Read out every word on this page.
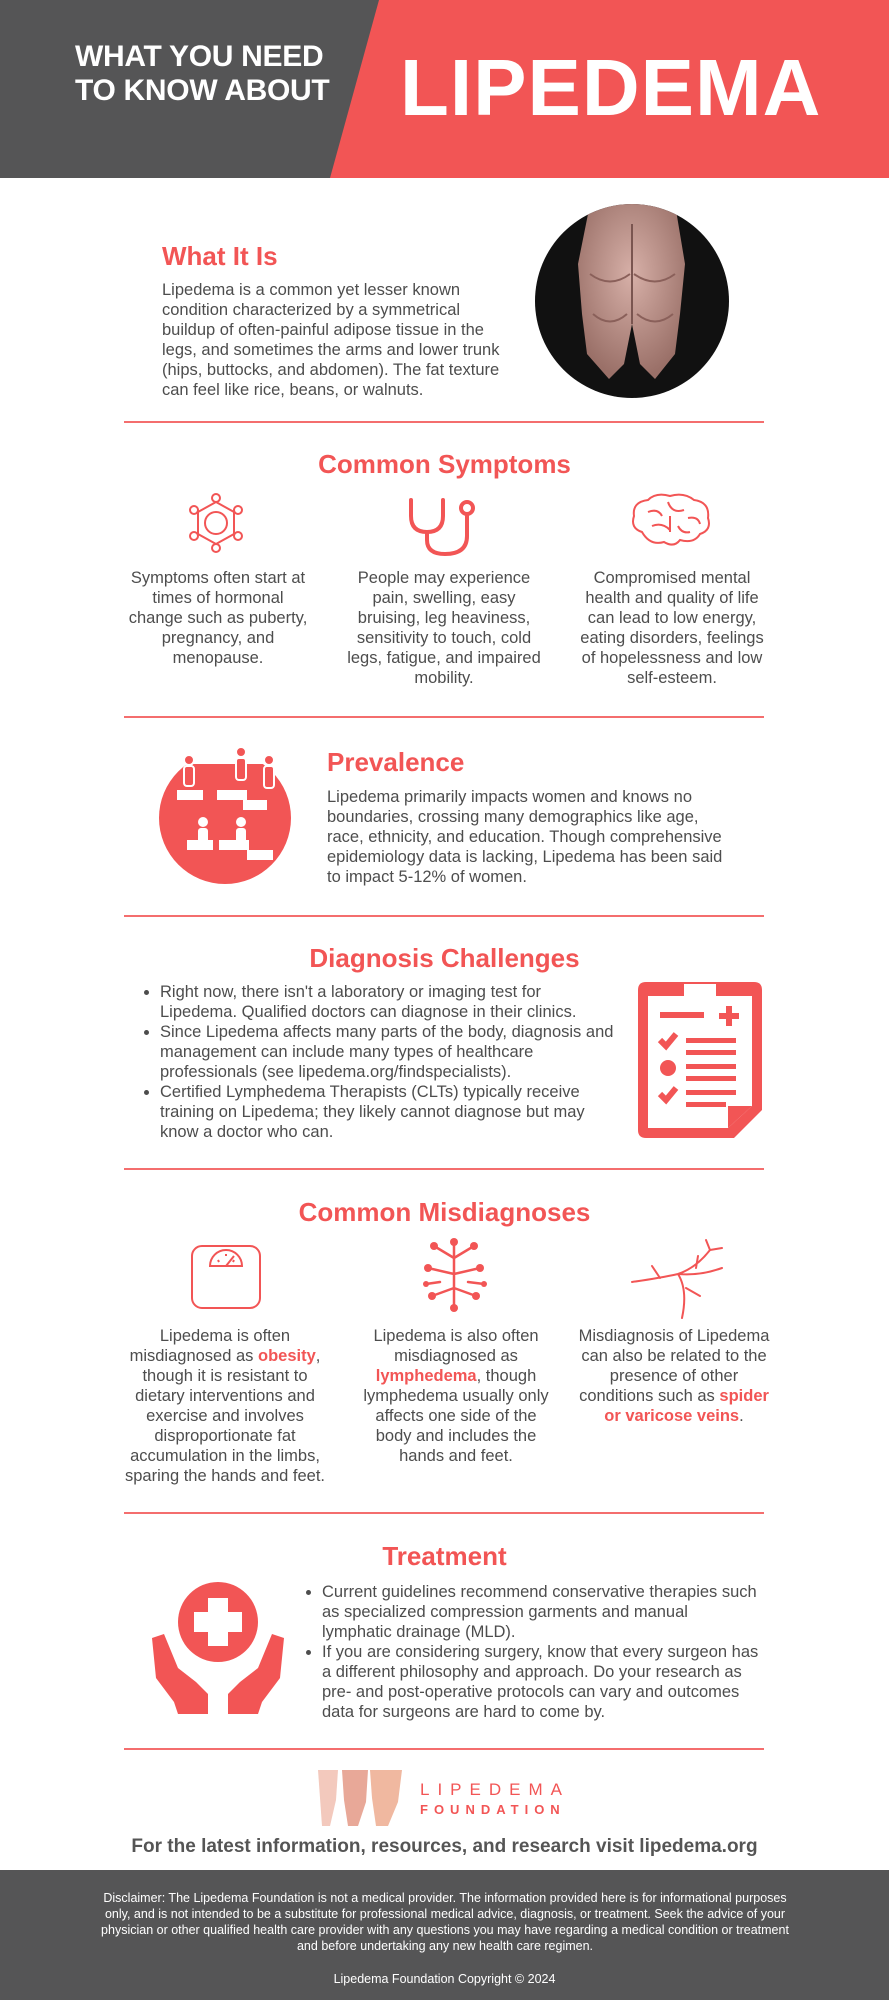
WHAT YOU NEED TO KNOW ABOUT LIPEDEMA
What It Is
Lipedema is a common yet lesser known condition characterized by a symmetrical buildup of often-painful adipose tissue in the legs, and sometimes the arms and lower trunk (hips, buttocks, and abdomen). The fat texture can feel like rice, beans, or walnuts.
Common Symptoms
Symptoms often start at times of hormonal change such as puberty, pregnancy, and menopause.
People may experience pain, swelling, easy bruising, leg heaviness, sensitivity to touch, cold legs, fatigue, and impaired mobility.
Compromised mental health and quality of life can lead to low energy, eating disorders, feelings of hopelessness and low self-esteem.
Prevalence
Lipedema primarily impacts women and knows no boundaries, crossing many demographics like age, race, ethnicity, and education. Though comprehensive epidemiology data is lacking, Lipedema has been said to impact 5-12% of women.
Diagnosis Challenges
• Right now, there isn't a laboratory or imaging test for Lipedema. Qualified doctors can diagnose in their clinics.
• Since Lipedema affects many parts of the body, diagnosis and management can include many types of healthcare professionals (see lipedema.org/findspecialists).
• Certified Lymphedema Therapists (CLTs) typically receive training on Lipedema; they likely cannot diagnose but may know a doctor who can.
Common Misdiagnoses
Lipedema is often misdiagnosed as obesity, though it is resistant to dietary interventions and exercise and involves disproportionate fat accumulation in the limbs, sparing the hands and feet.
Lipedema is also often misdiagnosed as lymphedema, though lymphedema usually only affects one side of the body and includes the hands and feet.
Misdiagnosis of Lipedema can also be related to the presence of other conditions such as spider or varicose veins.
Treatment
• Current guidelines recommend conservative therapies such as specialized compression garments and manual lymphatic drainage (MLD).
• If you are considering surgery, know that every surgeon has a different philosophy and approach. Do your research as pre- and post-operative protocols can vary and outcomes data for surgeons are hard to come by.
LIPEDEMA
FOUNDATION
For the latest information, resources, and research visit lipedema.org
Disclaimer: The Lipedema Foundation is not a medical provider. The information provided here is for informational purposes only, and is not intended to be a substitute for professional medical advice, diagnosis, or treatment. Seek the advice of your physician or other qualified health care provider with any questions you may have regarding a medical condition or treatment and before undertaking any new health care regimen.
Lipedema Foundation Copyright © 2024
